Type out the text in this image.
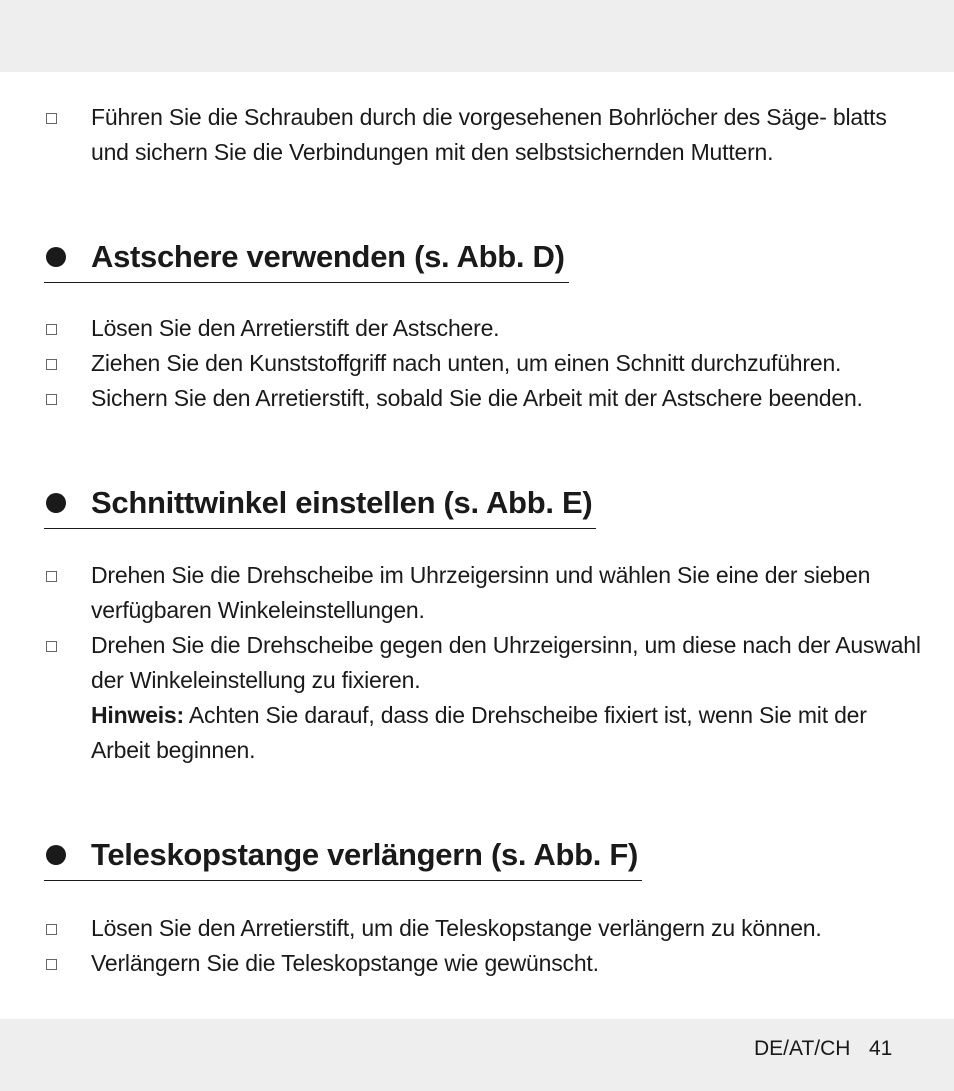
Führen Sie die Schrauben durch die vorgesehenen Bohrlöcher des Säge- blatts und sichern Sie die Verbindungen mit den selbstsichernden Muttern.
Astschere verwenden (s. Abb. D)
Lösen Sie den Arretierstift der Astschere.
Ziehen Sie den Kunststoffgriff nach unten, um einen Schnitt durchzuführen.
Sichern Sie den Arretierstift, sobald Sie die Arbeit mit der Astschere beenden.
Schnittwinkel einstellen (s. Abb. E)
Drehen Sie die Drehscheibe im Uhrzeigersinn und wählen Sie eine der sieben verfügbaren Winkeleinstellungen.
Drehen Sie die Drehscheibe gegen den Uhrzeigersinn, um diese nach der Auswahl der Winkeleinstellung zu fixieren.
Hinweis: Achten Sie darauf, dass die Drehscheibe fixiert ist, wenn Sie mit der Arbeit beginnen.
Teleskopstange verlängern (s. Abb. F)
Lösen Sie den Arretierstift, um die Teleskopstange verlängern zu können.
Verlängern Sie die Teleskopstange wie gewünscht.
DE/AT/CH 41
